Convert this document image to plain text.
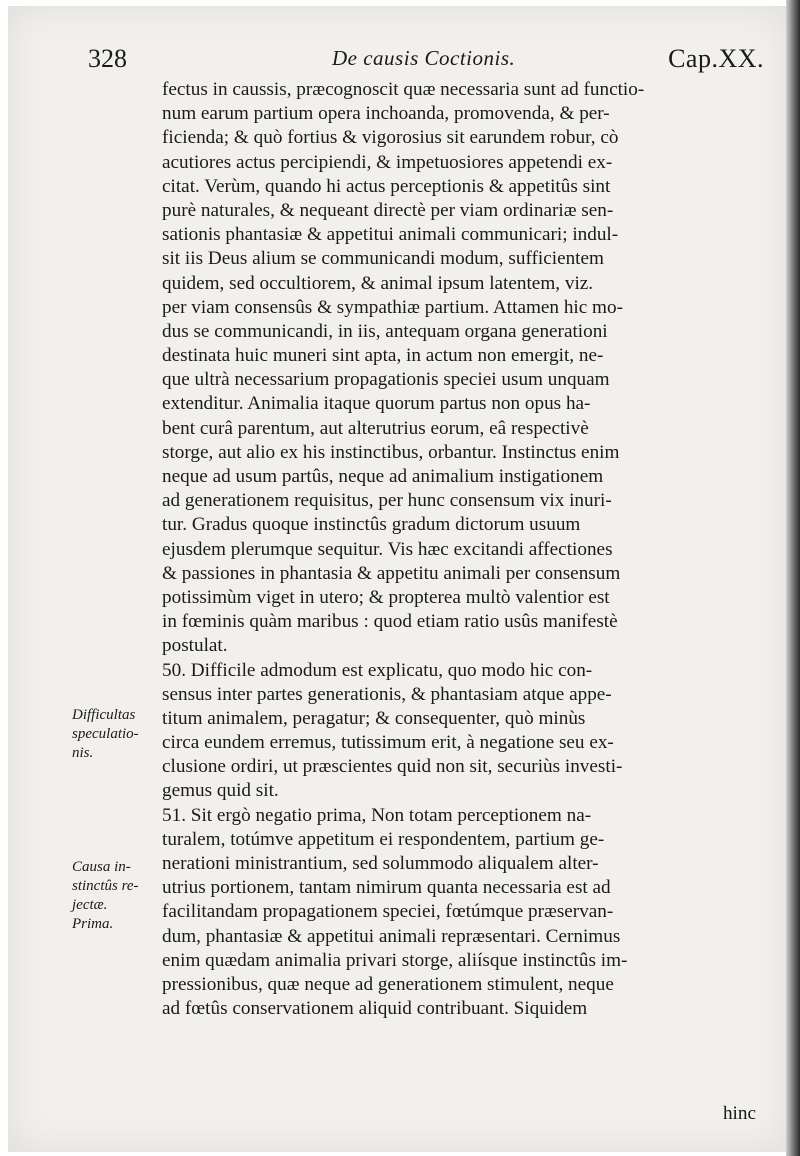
328	De causis Coctionis.	Cap.XX.
fectus in caussis, præcognoscit quæ necessaria sunt ad functio-
num earum partium opera inchoanda, promovenda, & per-
ficienda; & quò fortius & vigorosius sit earundem robur, cò
acutiores actus percipiendi, & impetuosiores appetendi ex-
citat. Verùm, quando hi actus perceptionis & appetitûs sint
purè naturales, & nequeant directè per viam ordinariæ sen-
sationis phantasiæ & appetitui animali communicari; indul-
sit iis Deus alium se communicandi modum, sufficientem
quidem, sed occultiorem, & animal ipsum latentem, viz.
per viam consensûs & sympathiæ partium. Attamen hic mo-
dus se communicandi, in iis, antequam organa generationi
destinata huic muneri sint apta, in actum non emergit, ne-
que ultrà necessarium propagationis speciei usum unquam
extenditur. Animalia itaque quorum partus non opus ha-
bent curâ parentum, aut alterutrius eorum, eâ respectivè
storge, aut alio ex his instinctibus, orbantur. Instinctus enim
neque ad usum partûs, neque ad animalium instigationem
ad generationem requisitus, per hunc consensum vix inuri-
tur. Gradus quoque instinctûs gradum dictorum usuum
ejusdem plerumque sequitur. Vis hæc excitandi affectiones
& passiones in phantasia & appetitu animali per consensum
potissimùm viget in utero; & propterea multò valentior est
in fœminis quàm maribus : quod etiam ratio usûs manifestè
postulat.
50. Difficile admodum est explicatu, quo modo hic con-
sensus inter partes generationis, & phantasiam atque appe-
titum animalem, peragatur; & consequenter, quò minùs
circa eundem erremus, tutissimum erit, à negatione seu ex-
clusione ordiri, ut præscientes quid non sit, securiùs investi-
gemus quid sit.
51. Sit ergò negatio prima, Non totam perceptionem na-
turalem, totúmve appetitum ei respondentem, partium ge-
nerationi ministrantium, sed solummodo aliqualem alter-
utrius portionem, tantam nimirum quanta necessaria est ad
facilitandam propagationem speciei, fœtúmque præservan-
dum, phantasiæ & appetitui animali repræsentari. Cernimus
enim quædam animalia privari storge, aliísque instinctûs im-
pressionibus, quæ neque ad generationem stimulent, neque
ad fœtûs conservationem aliquid contribuant. Siquidem
Difficultas
speculatio-
nis.
Causa in-
stinctûs re-
jectæ.
Prima.
hinc
